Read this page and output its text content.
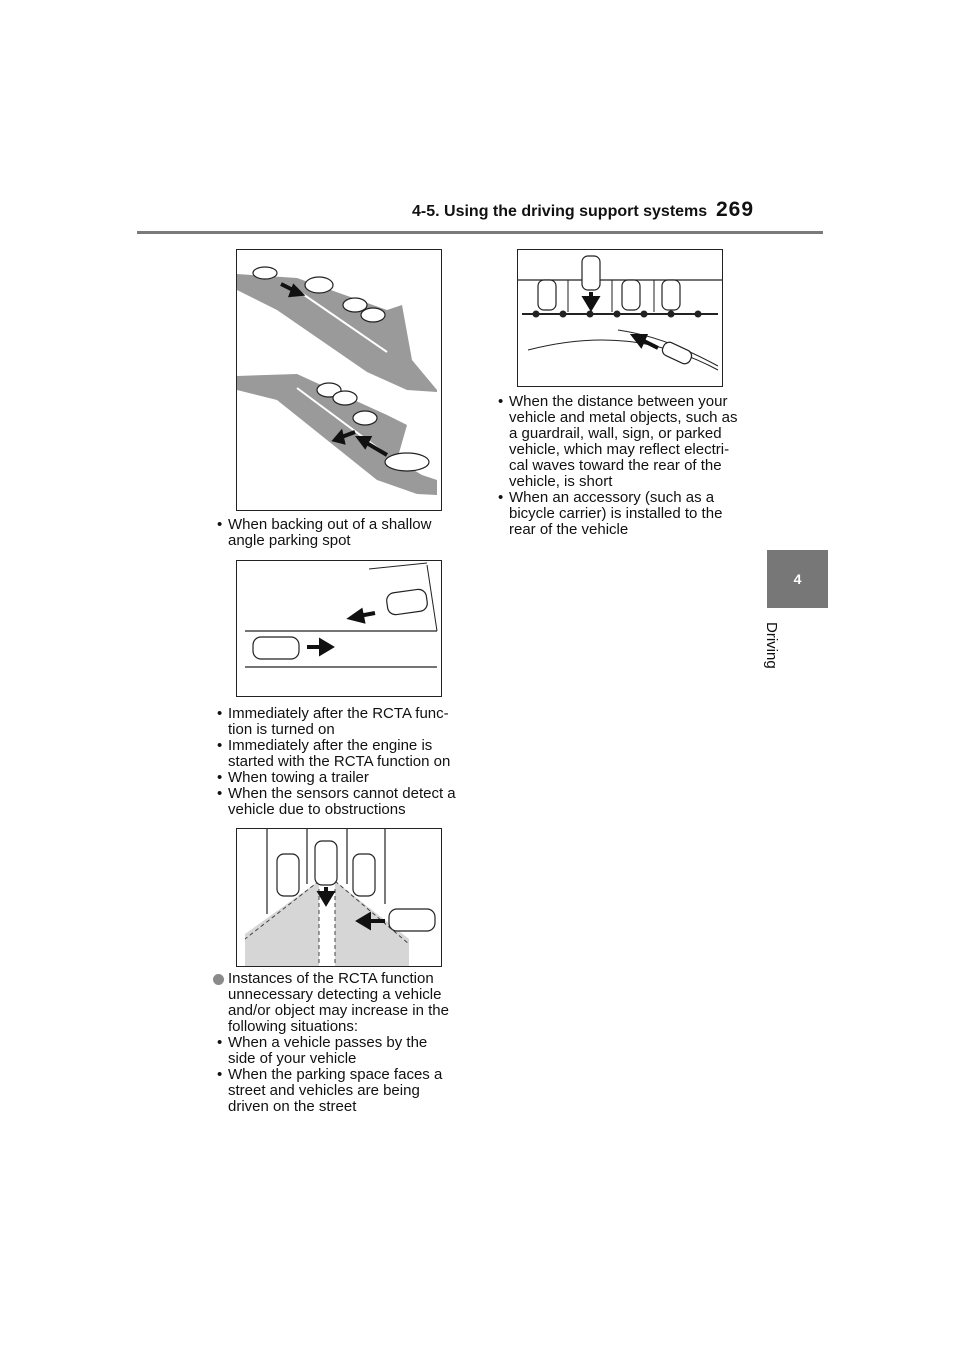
4-5. Using the driving support systems 269
4
Driving
• When backing out of a shallow
angle parking spot
• Immediately after the RCTA func-
tion is turned on
• Immediately after the engine is
started with the RCTA function on
• When towing a trailer
• When the sensors cannot detect a
vehicle due to obstructions
Instances of the RCTA function
unnecessary detecting a vehicle
and/or object may increase in the
following situations:
• When a vehicle passes by the
side of your vehicle
• When the parking space faces a
street and vehicles are being
driven on the street
• When the distance between your
vehicle and metal objects, such as
a guardrail, wall, sign, or parked
vehicle, which may reflect electri-
cal waves toward the rear of the
vehicle, is short
• When an accessory (such as a
bicycle carrier) is installed to the
rear of the vehicle
